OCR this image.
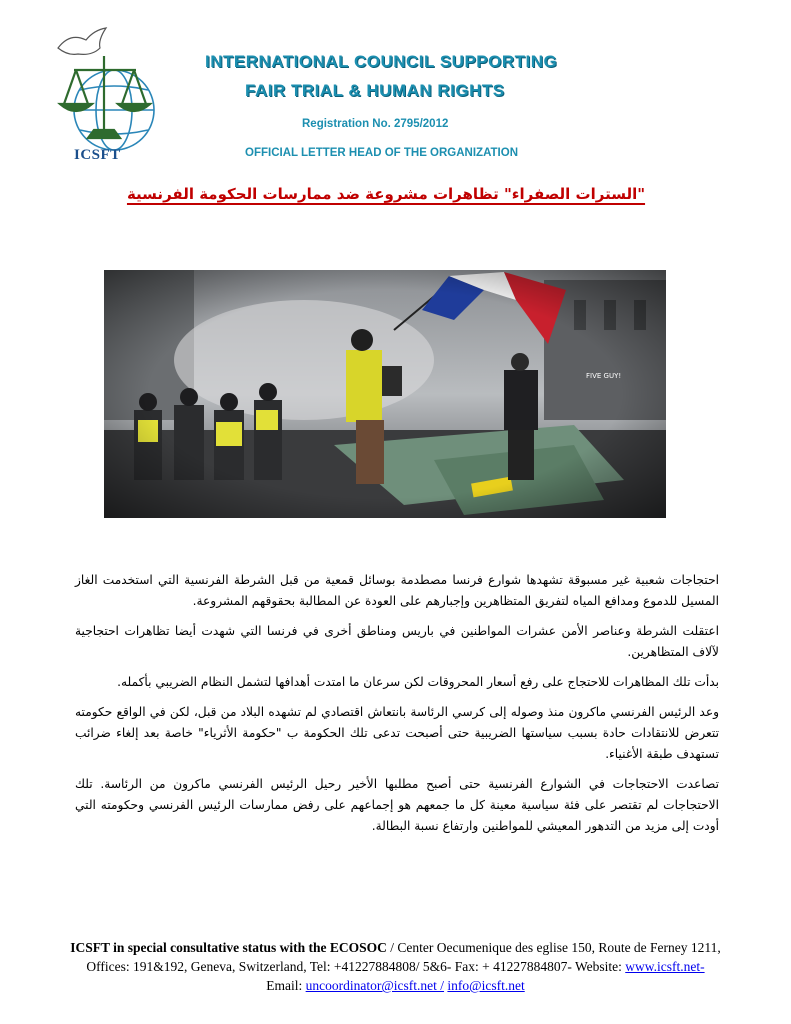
ICSFT
INTERNATIONAL COUNCIL SUPPORTING
FAIR TRIAL & HUMAN RIGHTS
Registration No. 2795/2012
OFFICIAL LETTER HEAD OF THE ORGANIZATION
"السترات الصفراء" تظاهرات مشروعة ضد ممارسات الحكومة الفرنسية

احتجاجات شعبية غير مسبوقة تشهدها شوارع فرنسا مصطدمة بوسائل قمعية من قبل الشرطة الفرنسية التي استخدمت الغاز المسيل للدموع ومدافع المياه لتفريق المتظاهرين وإجبارهم على العودة عن المطالبة بحقوقهم المشروعة.

اعتقلت الشرطة وعناصر الأمن عشرات المواطنين في باريس ومناطق أخرى في فرنسا التي شهدت أيضا تظاهرات احتجاجية لآلاف المتظاهرين.

بدأت تلك المظاهرات للاحتجاج على رفع أسعار المحروقات لكن سرعان ما امتدت أهدافها لتشمل النظام الضريبي بأكمله.

وعد الرئيس الفرنسي ماكرون منذ وصوله إلى كرسي الرئاسة بانتعاش اقتصادي لم تشهده البلاد من قبل، لكن في الواقع حكومته تتعرض للانتقادات حادة بسبب سياستها الضريبية حتى أصبحت تدعى تلك الحكومة ب "حكومة الأثرياء" خاصة بعد إلغاء ضرائب تستهدف طبقة الأغنياء.

تصاعدت الاحتجاجات في الشوارع الفرنسية حتى أصبح مطلبها الأخير رحيل الرئيس الفرنسي ماكرون من الرئاسة. تلك الاحتجاجات لم تقتصر على فئة سياسية معينة كل ما جمعهم هو إجماعهم على رفض ممارسات الرئيس الفرنسي وحكومته التي أودت إلى مزيد من التدهور المعيشي للمواطنين وارتفاع نسبة البطالة.

ICSFT in special consultative status with the ECOSOC / Center Oecumenique des eglise 150, Route de Ferney 1211, Offices: 191&192, Geneva, Switzerland, Tel: +41227884808/ 5&6- Fax: + 41227884807- Website: www.icsft.net- Email: uncoordinator@icsft.net / info@icsft.net
